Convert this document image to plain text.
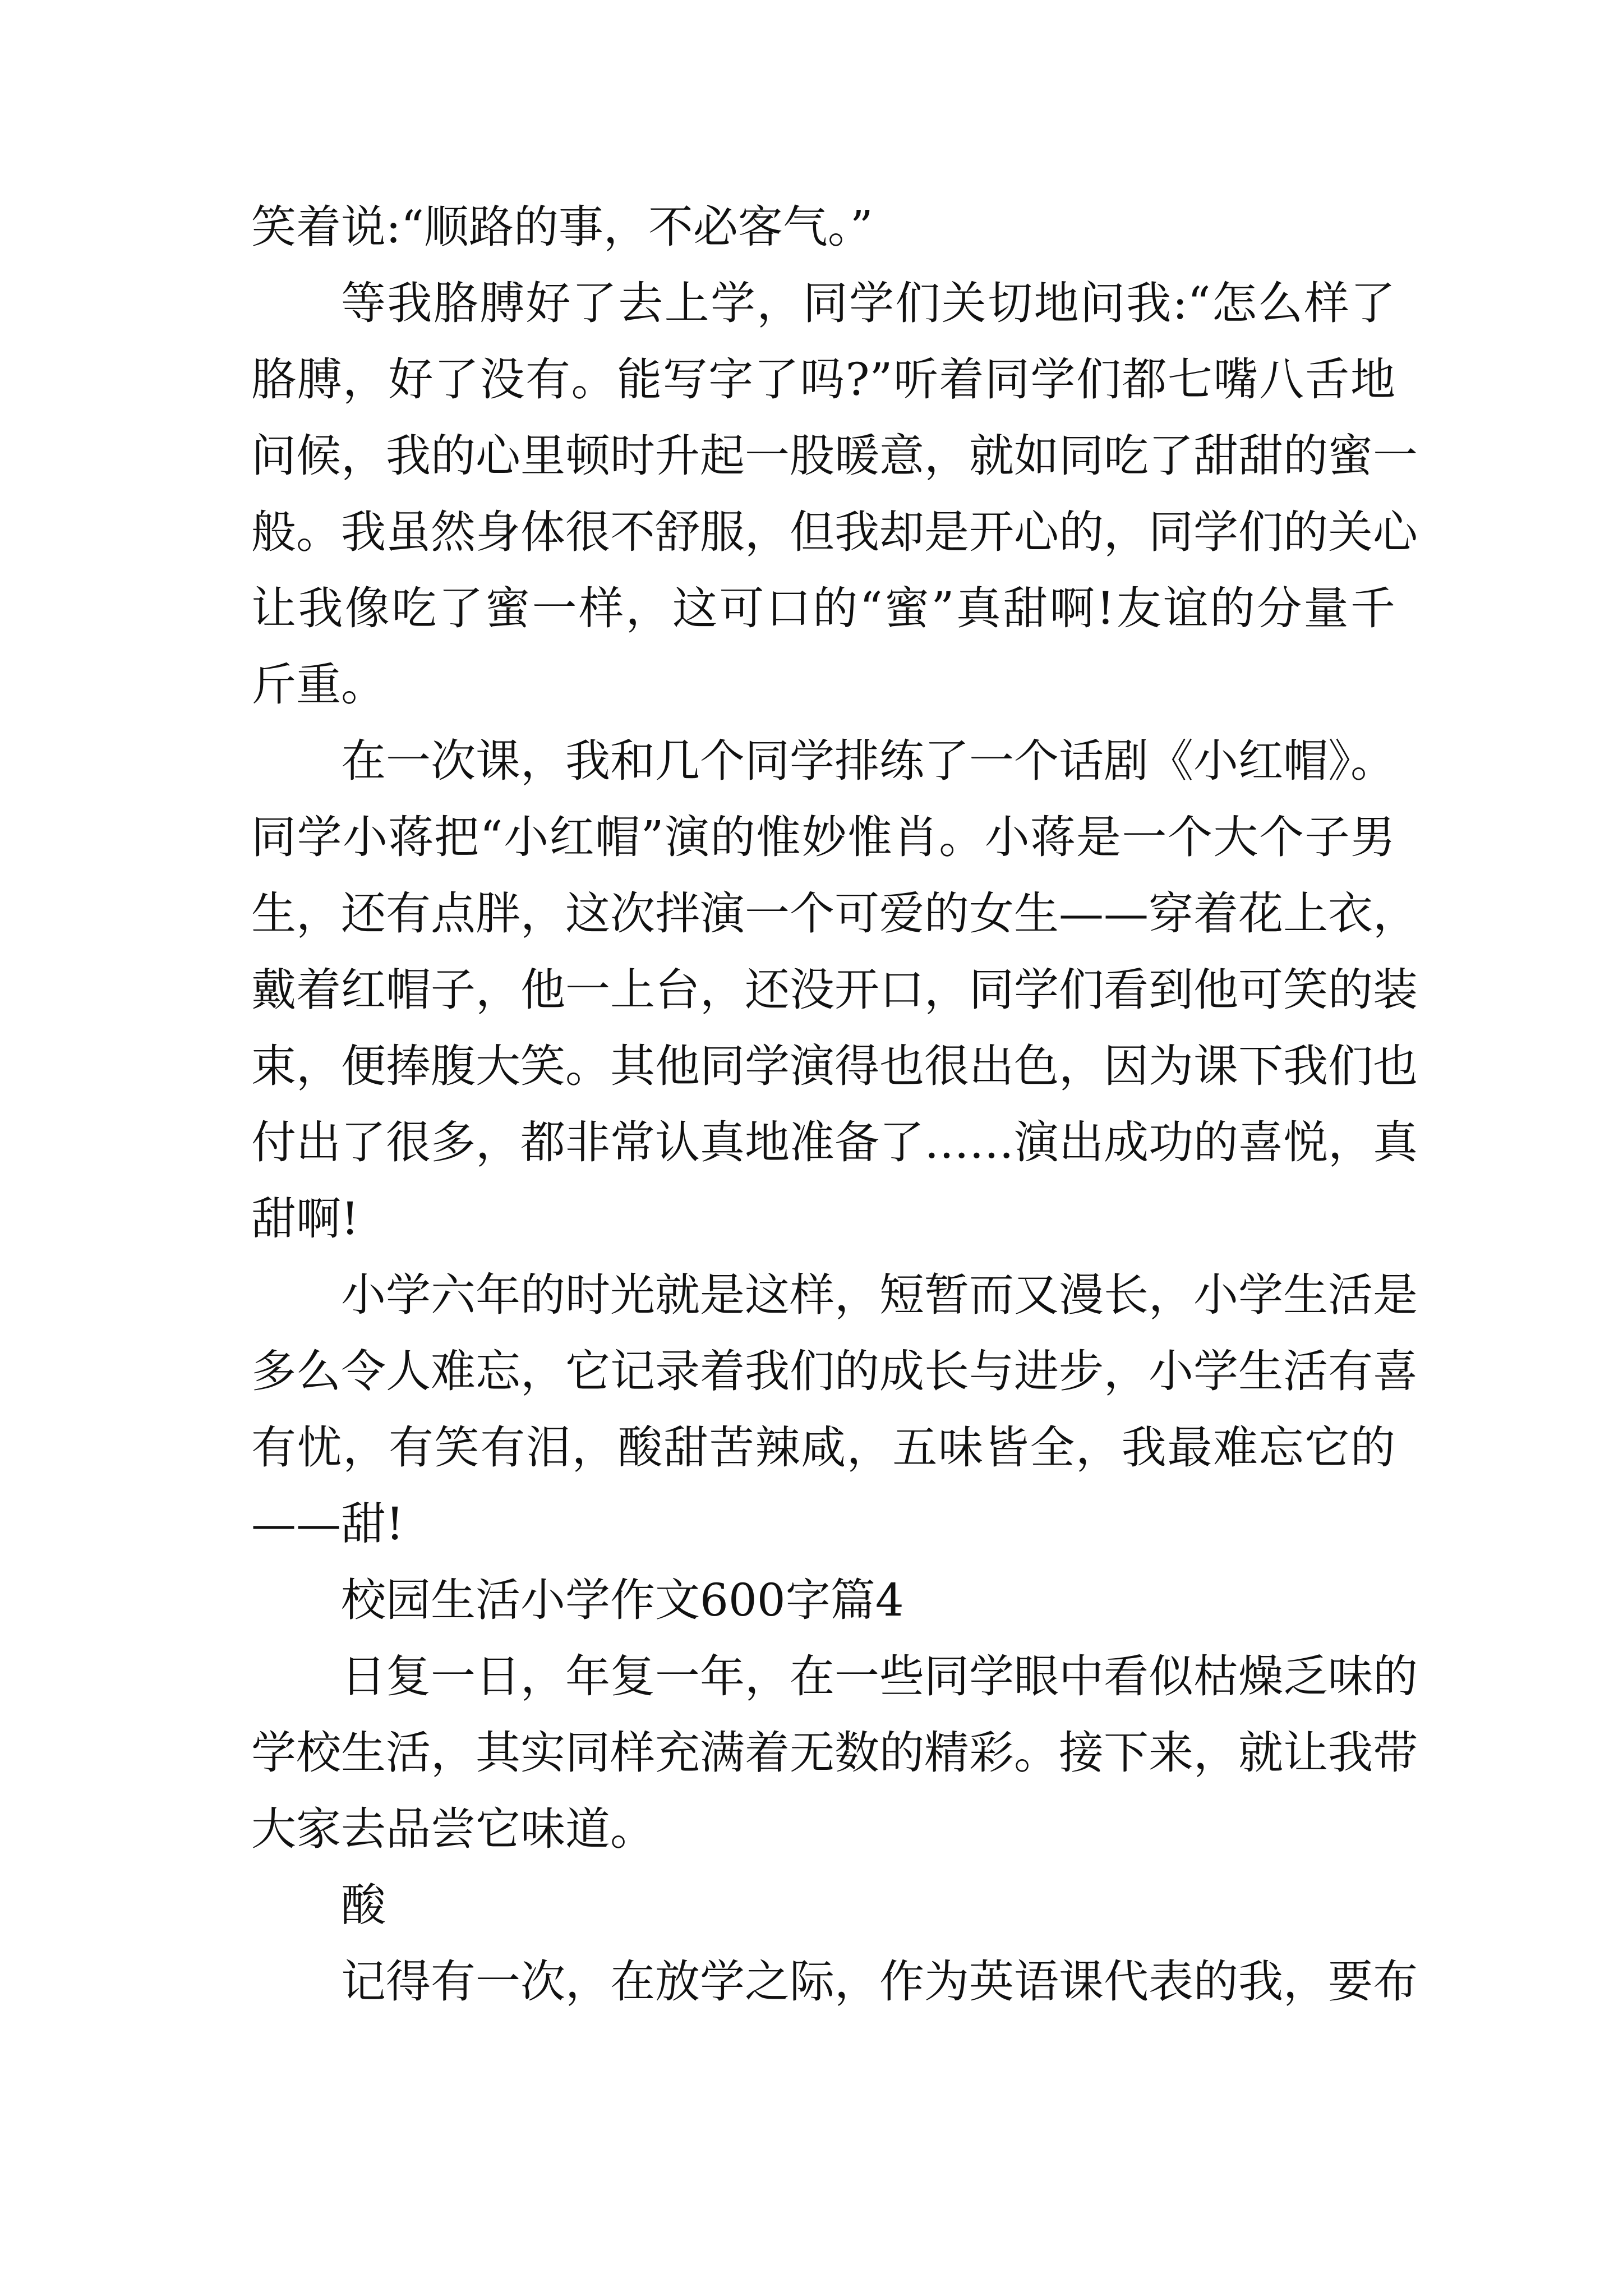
笑着说:“顺路的事，不必客气。”
等我胳膊好了去上学，同学们关切地问我:“怎么样了
胳膊，好了没有。能写字了吗?”听着同学们都七嘴八舌地
问候，我的心里顿时升起一股暖意，就如同吃了甜甜的蜜一
般。我虽然身体很不舒服，但我却是开心的，同学们的关心
让我像吃了蜜一样，这可口的“蜜”真甜啊!友谊的分量千
斤重。
在一次课，我和几个同学排练了一个话剧《小红帽》。
同学小蒋把“小红帽”演的惟妙惟肖。小蒋是一个大个子男
生，还有点胖，这次拌演一个可爱的女生——穿着花上衣，
戴着红帽子，他一上台，还没开口，同学们看到他可笑的装
束，便捧腹大笑。其他同学演得也很出色，因为课下我们也
付出了很多，都非常认真地准备了……演出成功的喜悦，真
甜啊!
小学六年的时光就是这样，短暂而又漫长，小学生活是
多么令人难忘，它记录着我们的成长与进步，小学生活有喜
有忧，有笑有泪，酸甜苦辣咸，五味皆全，我最难忘它的
——甜!
校园生活小学作文600字篇4
日复一日，年复一年，在一些同学眼中看似枯燥乏味的
学校生活，其实同样充满着无数的精彩。接下来，就让我带
大家去品尝它味道。
酸
记得有一次，在放学之际，作为英语课代表的我，要布
